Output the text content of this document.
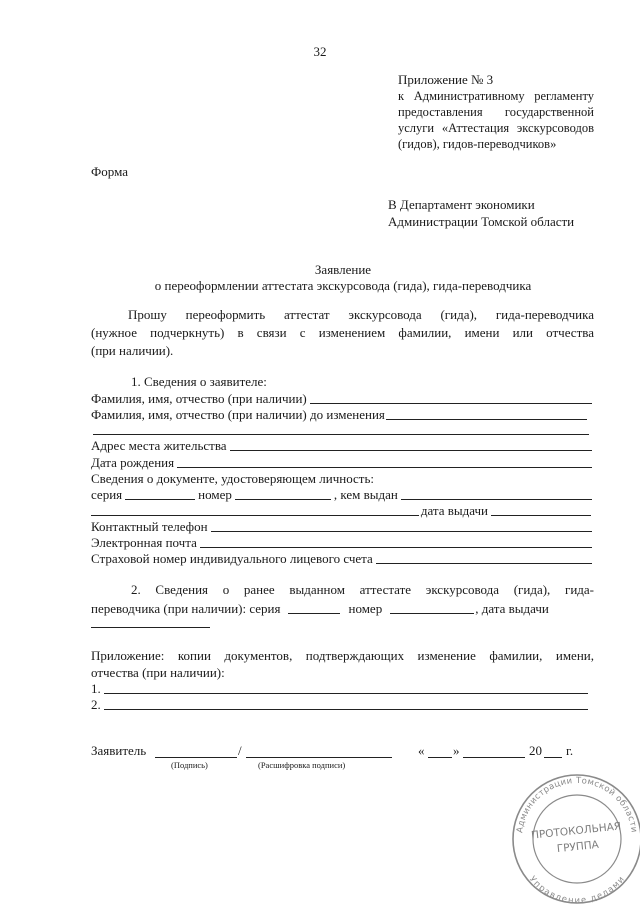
32
Приложение № 3
к Административному регламенту
предоставления государственной
услуги «Аттестация экскурсоводов
(гидов), гидов-переводчиков»
Форма
В Департамент экономики
Администрации Томской области
Заявление
о переоформлении аттестата экскурсовода (гида), гида-переводчика
Прошу переоформить аттестат экскурсовода (гида), гида-переводчика
(нужное подчеркнуть) в связи с изменением фамилии, имени или отчества
(при наличии).
1. Сведения о заявителе:
Фамилия, имя, отчество (при наличии)
Фамилия, имя, отчество (при наличии) до изменения
Адрес места жительства
Дата рождения
Сведения о документе, удостоверяющем личность:
серия	номер	, кем выдан
дата выдачи
Контактный телефон
Электронная почта
Страховой номер индивидуального лицевого счета
2. Сведения о ранее выданном аттестате экскурсовода (гида), гида-
переводчика (при наличии): серия	номер	, дата выдачи
Приложение: копии документов, подтверждающих изменение фамилии, имени,
отчества (при наличии):
1.
2.
Заявитель	/	« »	20 г.
(Подпись)	(Расшифровка подписи)
Администрации Томской области
Управление делами
ПРОТОКОЛЬНАЯ
ГРУППА
